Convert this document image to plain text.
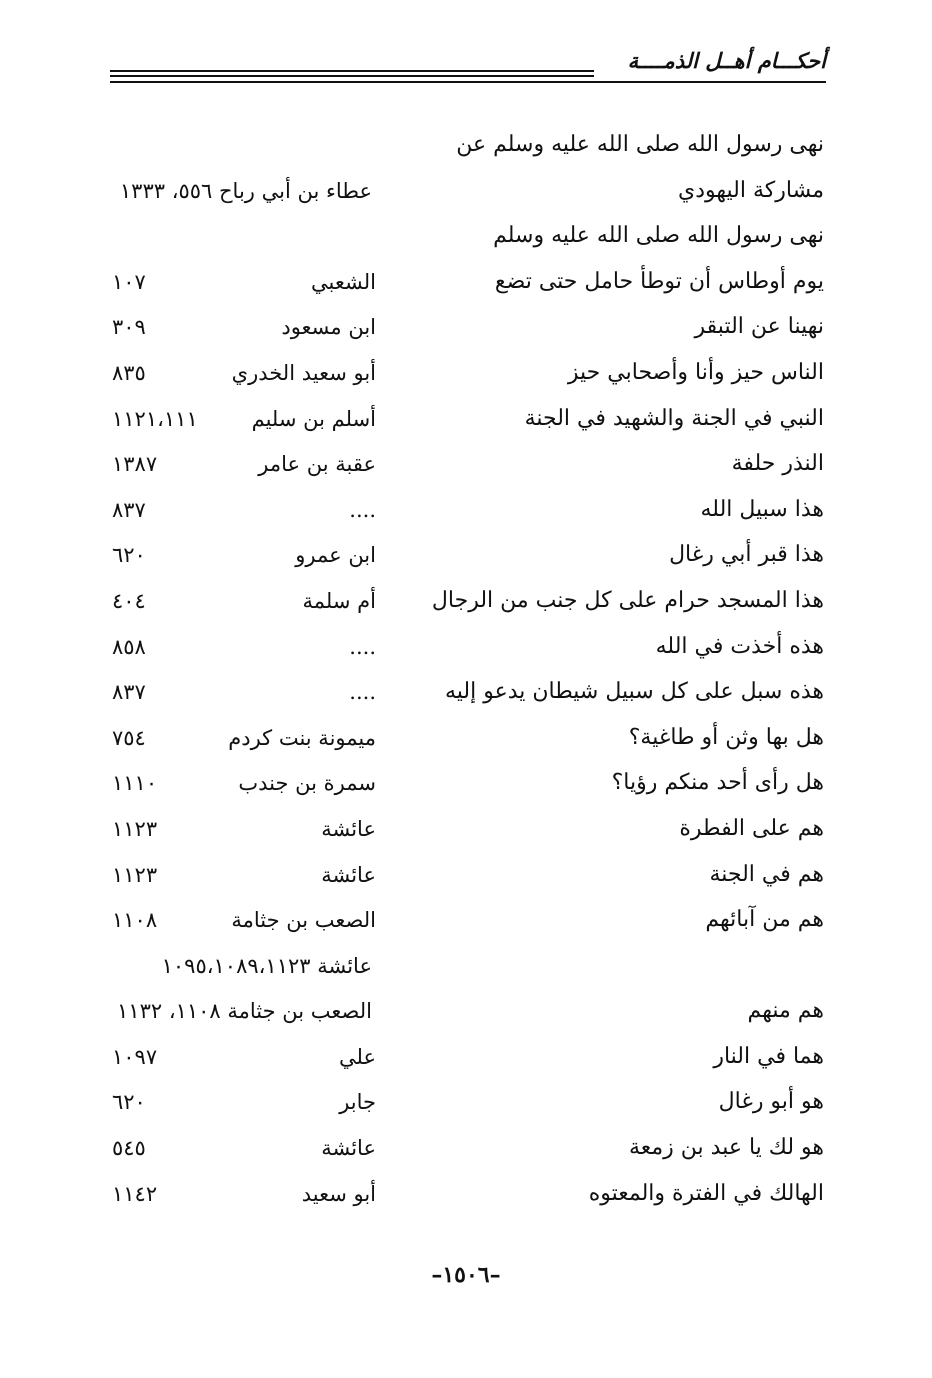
أحكـــام أهــل الذمــــة
نهى رسول الله صلى الله عليه وسلم عن
مشاركة اليهودي
عطاء بن أبي رباح ٥٥٦، ١٣٣٣
نهى رسول الله صلى الله عليه وسلم
يوم أوطاس أن توطأ حامل حتى تضع
الشعبي
١٠٧
نهينا عن التبقر
ابن مسعود
٣٠٩
الناس حيز وأنا وأصحابي حيز
أبو سعيد الخدري
٨٣٥
النبي في الجنة والشهيد في الجنة
أسلم بن سليم
١١٢١،١١١
النذر حلفة
عقبة بن عامر
١٣٨٧
هذا سبيل الله
....
٨٣٧
هذا قبر أبي رغال
ابن عمرو
٦٢٠
هذا المسجد حرام على كل جنب من الرجال
أم سلمة
٤٠٤
هذه أخذت في الله
....
٨٥٨
هذه سبل على كل سبيل شيطان يدعو إليه
....
٨٣٧
هل بها وثن أو طاغية؟
ميمونة بنت كردم
٧٥٤
هل رأى أحد منكم رؤيا؟
سمرة بن جندب
١١١٠
هم على الفطرة
عائشة
١١٢٣
هم في الجنة
عائشة
١١٢٣
هم من آبائهم
الصعب بن جثامة
١١٠٨
عائشة ١٠٩٥،١٠٨٩،١١٢٣
هم منهم
الصعب بن جثامة ١١٠٨، ١١٣٢
هما في النار
علي
١٠٩٧
هو أبو رغال
جابر
٦٢٠
هو لك يا عبد بن زمعة
عائشة
٥٤٥
الهالك في الفترة والمعتوه
أبو سعيد
١١٤٢
–١٥٠٦–
